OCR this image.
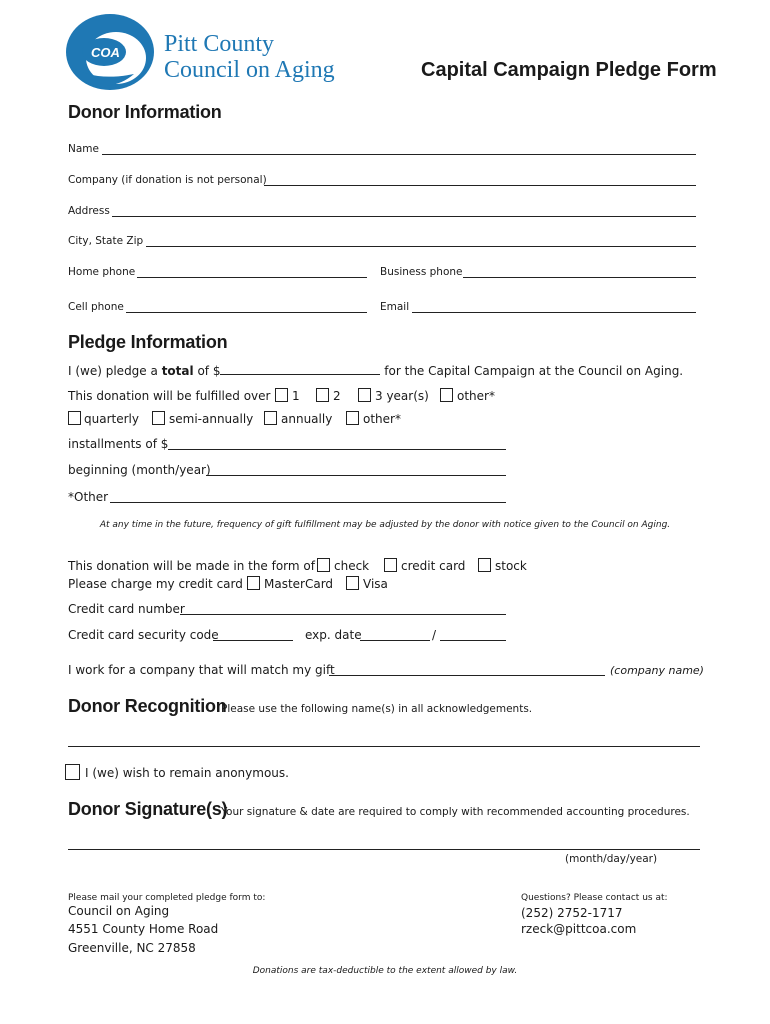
COA Pitt County
Council on Aging	Capital Campaign Pledge Form
Donor Information
Name
Company (if donation is not personal)
Address
City, State Zip
Home phone	Business phone
Cell phone	Email
Pledge Information
I (we) pledge a total of $	for the Capital Campaign at the Council on Aging.
This donation will be fulfilled over 1	2	3 year(s) other*
quarterly	semi-annually annually	other*
installments of $
beginning (month/year)
*Other
At any time in the future, frequency of gift fulfillment may be adjusted by the donor with notice given to the Council on Aging.
This donation will be made in the form of check	credit card stock
Please charge my credit card MasterCard Visa
Credit card number
Credit card security code	exp. date	/
I work for a company that will match my gift	(company name)
Donor Recognition
Please use the following name(s) in all acknowledgements.
I (we) wish to remain anonymous.
Donor Signature(s)
Your signature & date are required to comply with recommended accounting procedures.
(month/day/year)
Please mail your completed pledge form to:
Council on Aging
4551 County Home Road
Greenville, NC 27858
Questions? Please contact us at:
(252) 2752-1717
rzeck@pittcoa.com
Donations are tax-deductible to the extent allowed by law.
